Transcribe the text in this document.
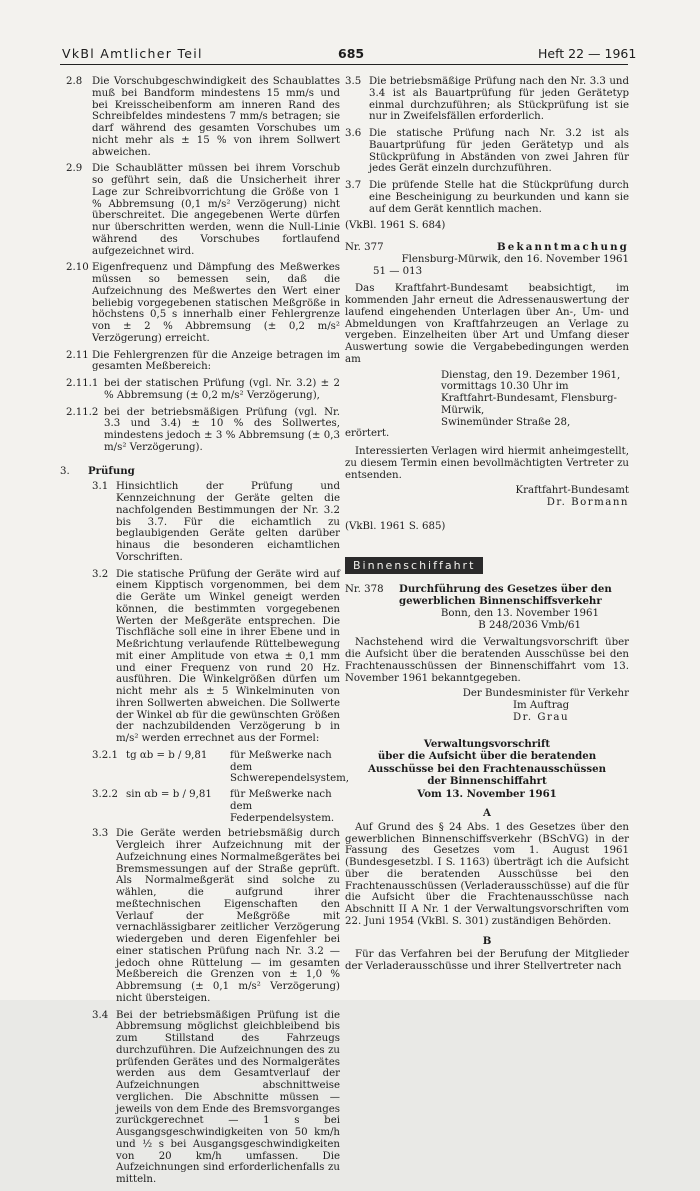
VkBl Amtlicher Teil	685	Heft 22 — 1961
2.8 Die Vorschubgeschwindigkeit des Schaublattes muß bei Bandform mindestens 15 mm/s und bei Kreisscheibenform am inneren Rand des Schreibfeldes mindestens 7 mm/s betragen; sie darf während des gesamten Vorschubes um nicht mehr als ± 15 % von ihrem Sollwert abweichen.
2.9 Die Schaublätter müssen bei ihrem Vorschub so geführt sein, daß die Unsicherheit ihrer Lage zur Schreibvorrichtung die Größe von 1 % Abbremsung (0,1 m/s² Verzögerung) nicht überschreitet. Die angegebenen Werte dürfen nur überschritten werden, wenn die Null-Linie während des Vorschubes fortlaufend aufgezeichnet wird.
2.10 Eigenfrequenz und Dämpfung des Meßwerkes müssen so bemessen sein, daß die Aufzeichnung des Meßwertes den Wert einer beliebig vorgegebenen statischen Meßgröße in höchstens 0,5 s innerhalb einer Fehlergrenze von ± 2 % Abbremsung (± 0,2 m/s² Verzögerung) erreicht.
2.11 Die Fehlergrenzen für die Anzeige betragen im gesamten Meßbereich:
2.11.1 bei der statischen Prüfung (vgl. Nr. 3.2) ± 2 % Abbremsung (± 0,2 m/s² Verzögerung),
2.11.2 bei der betriebsmäßigen Prüfung (vgl. Nr. 3.3 und 3.4) ± 10 % des Sollwertes, mindestens jedoch ± 3 % Abbremsung (± 0,3 m/s² Verzögerung).
3.	Prüfung
3.1 Hinsichtlich der Prüfung und Kennzeichnung der Geräte gelten die nachfolgenden Bestimmungen der Nr. 3.2 bis 3.7. Für die eichamtlich zu beglaubigenden Geräte gelten darüber hinaus die besonderen eichamtlichen Vorschriften.
3.2 Die statische Prüfung der Geräte wird auf einem Kipptisch vorgenommen, bei dem die Geräte um Winkel geneigt werden können, die bestimmten vorgegebenen Werten der Meßgeräte entsprechen. Die Tischfläche soll eine in ihrer Ebene und in Meßrichtung verlaufende Rüttelbewegung mit einer Amplitude von etwa ± 0,1 mm und einer Frequenz von rund 20 Hz. ausführen. Die Winkelgrößen dürfen um nicht mehr als ± 5 Winkelminuten von ihren Sollwerten abweichen. Die Sollwerte der Winkel αb für die gewünschten Größen der nachzubildenden Verzögerung b in m/s² werden errechnet aus der Formel:
3.2.1 tg αb = b / 9,81	für Meßwerke nach dem Schwerependelsystem,
3.2.2 sin αb = b / 9,81	für Meßwerke nach dem Federpendelsystem.
3.3 Die Geräte werden betriebsmäßig durch Vergleich ihrer Aufzeichnung mit der Aufzeichnung eines Normalmeßgerätes bei Bremsmessungen auf der Straße geprüft. Als Normalmeßgerät sind solche zu wählen, die aufgrund ihrer meßtechnischen Eigenschaften den Verlauf der Meßgröße mit vernachlässigbarer zeitlicher Verzögerung wiedergeben und deren Eigenfehler bei einer statischen Prüfung nach Nr. 3.2 — jedoch ohne Rüttelung — im gesamten Meßbereich die Grenzen von ± 1,0 % Abbremsung (± 0,1 m/s² Verzögerung) nicht übersteigen.
3.4 Bei der betriebsmäßigen Prüfung ist die Abbremsung möglichst gleichbleibend bis zum Stillstand des Fahrzeugs durchzuführen. Die Aufzeichnungen des zu prüfenden Gerätes und des Normalgerätes werden aus dem Gesamtverlauf der Aufzeichnungen abschnittweise verglichen. Die Abschnitte müssen — jeweils von dem Ende des Bremsvorganges zurückgerechnet — 1 s bei Ausgangsgeschwindigkeiten von 50 km/h und ½ s bei Ausgangsgeschwindigkeiten von 20 km/h umfassen. Die Aufzeichnungen sind erforderlichenfalls zu mitteln.
3.5 Die betriebsmäßige Prüfung nach den Nr. 3.3 und 3.4 ist als Bauartprüfung für jeden Gerätetyp einmal durchzuführen; als Stückprüfung ist sie nur in Zweifelsfällen erforderlich.
3.6 Die statische Prüfung nach Nr. 3.2 ist als Bauartprüfung für jeden Gerätetyp und als Stückprüfung in Abständen von zwei Jahren für jedes Gerät einzeln durchzuführen.
3.7 Die prüfende Stelle hat die Stückprüfung durch eine Bescheinigung zu beurkunden und kann sie auf dem Gerät kenntlich machen.
(VkBl. 1961 S. 684)
Nr. 377	Bekanntmachung
Flensburg-Mürwik, den 16. November 1961
51 — 013
Das Kraftfahrt-Bundesamt beabsichtigt, im kommenden Jahr erneut die Adressenauswertung der laufend eingehenden Unterlagen über An-, Um- und Abmeldungen von Kraftfahrzeugen an Verlage zu vergeben. Einzelheiten über Art und Umfang dieser Auswertung sowie die Vergabebedingungen werden am
Dienstag, den 19. Dezember 1961,
vormittags 10.30 Uhr im
Kraftfahrt-Bundesamt, Flensburg-Mürwik,
Swinemünder Straße 28,
erörtert.
Interessierten Verlagen wird hiermit anheimgestellt, zu diesem Termin einen bevollmächtigten Vertreter zu entsenden.
Kraftfahrt-Bundesamt
Dr. Bormann
(VkBl. 1961 S. 685)
Binnenschiffahrt
Nr. 378	Durchführung des Gesetzes über den gewerblichen Binnenschiffsverkehr
Bonn, den 13. November 1961
B 248/2036 Vmb/61
Nachstehend wird die Verwaltungsvorschrift über die Aufsicht über die beratenden Ausschüsse bei den Frachtenausschüssen der Binnenschiffahrt vom 13. November 1961 bekanntgegeben.
Der Bundesminister für Verkehr
Im Auftrag
Dr. Grau
Verwaltungsvorschrift
über die Aufsicht über die beratenden
Ausschüsse bei den Frachtenausschüssen
der Binnenschiffahrt
Vom 13. November 1961
A
Auf Grund des § 24 Abs. 1 des Gesetzes über den gewerblichen Binnenschiffsverkehr (BSchVG) in der Fassung des Gesetzes vom 1. August 1961 (Bundesgesetzbl. I S. 1163) überträgt ich die Aufsicht über die beratenden Ausschüsse bei den Frachtenausschüssen (Verladerausschüsse) auf die für die Aufsicht über die Frachtenausschüsse nach Abschnitt II A Nr. 1 der Verwaltungsvorschriften vom 22. Juni 1954 (VkBl. S. 301) zuständigen Behörden.
B
Für das Verfahren bei der Berufung der Mitglieder der Verladerausschüsse und ihrer Stellvertreter nach
